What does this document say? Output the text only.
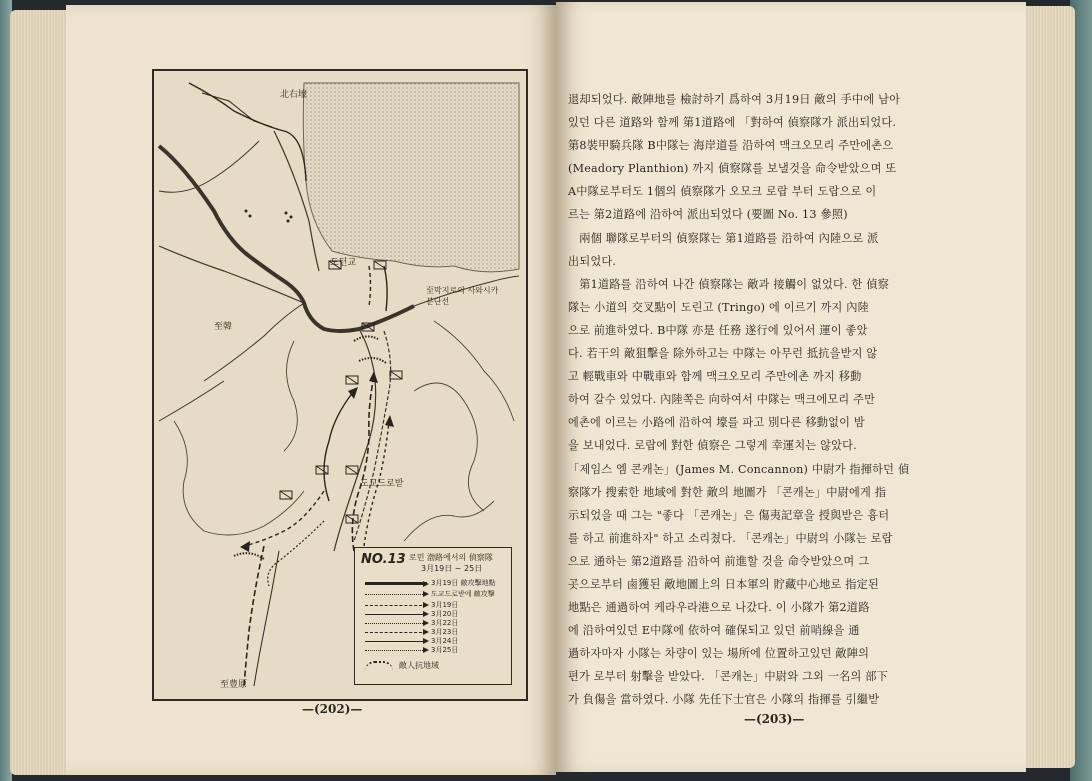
北右壕
도턴교
至막지로의 사와시카 분단선
至韓
도교드로받
至豊原
NO.13 로민 渤路에서의 偵察隊
3月19日 ~ 25日
3月19日 敵攻擊地點
도교드로받에 敵攻撃
3月19日
3月20日
3月22日
3月23日
3月24日
3月25日
敵人抗地域
—(202)—

退却되었다. 敵陣地를 檢討하기 爲하여 3月19日 敵의 手中에 남아

있던 다른 道路와 함께 第1道路에 「對하여 偵察隊가 派出되었다.

第8裝甲騎兵隊 B中隊는 海岸道를 沿하여 맥크오모리 주만에촌으

(Meadory Planthion) 까지 偵察隊를 보낼것을 命令받았으며 또

A中隊로부터도 1個의 偵察隊가 오모크 로랍 부터 도랍으로 이

르는 第2道路에 沿하여 派出되었다 (要圖 No. 13 參照)

兩個 聯隊로부터의 偵察隊는 第1道路를 沿하여 內陸으로 派

出되었다.

第1道路를 沿하여 나간 偵察隊는 敵과 接觸이 없었다. 한 偵察

隊는 小道의 交叉點이 도린고 (Tringo) 에 이르기 까지 內陸

으로 前進하였다. B中隊 亦是 任務 遂行에 있어서 運이 좋았

다. 若干의 敵狙擊을 除外하고는 中隊는 아무런 抵抗을받지 않

고 輕戰車와 中戰車와 함께 맥크오모리 주만에촌 까지 移動

하여 갈수 있었다. 內陸쪽은 向하여서 中隊는 맥크에모리 주만

에촌에 이르는 小路에 沿하여 壕를 파고 別다른 移動없이 밤

을 보내었다. 로랍에 對한 偵察은 그렇게 幸運치는 않았다.

「제임스 엠 콘캐논」(James M. Concannon) 中尉가 指揮하던 偵

察隊가 搜索한 地域에 對한 敵의 地圖가 「콘캐논」中尉에게 指

示되었을 때 그는 "좋다 「콘캐논」은 傷夷記章을 授與받은 흉터

를 하고 前進하자" 하고 소리쳤다. 「콘캐논」中尉의 小隊는 로랍

으로 通하는 第2道路를 沿하여 前進할 것을 命令받았으며 그

곳으로부터 鹵獲된 敵地圖上의 日本軍의 貯藏中心地로 指定된

地點은 通過하여 케라우라港으로 나갔다. 이 小隊가 第2道路

에 沿하여있던 E中隊에 依하여 確保되고 있던 前哨線을 通

過하자마자 小隊는 차량이 있는 場所에 位置하고있던 敵陣의

편가 로부터 射擊을 받았다. 「콘캐논」中尉와 그외 一名의 部下

가 負傷을 當하였다. 小隊 先任下士官은 小隊의 指揮를 引繼받

—(203)—
